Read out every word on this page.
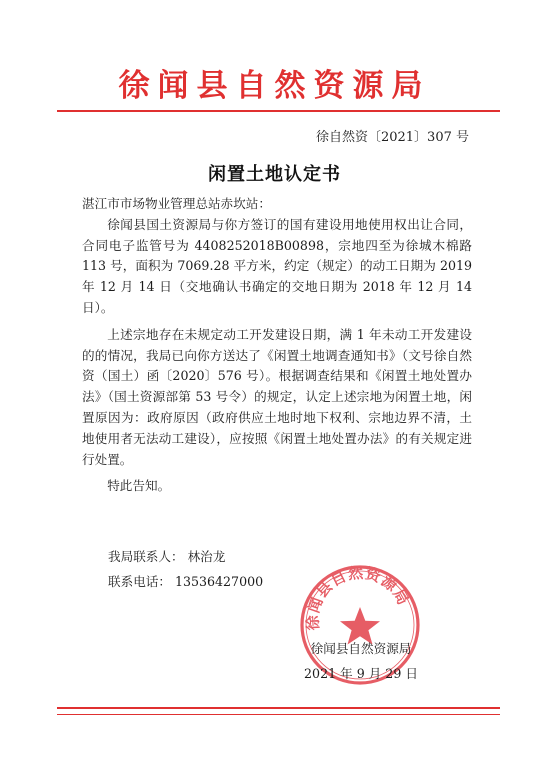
徐闻县自然资源局
徐自然资〔2021〕307 号
闲置土地认定书

湛江市市场物业管理总站赤坎站：

徐闻县国土资源局与你方签订的国有建设用地使用权出让合同，合同电子监管号为 4408252018B00898，宗地四至为徐城木棉路 113 号，面积为 7069.28 平方米，约定（规定）的动工日期为 2019 年 12 月 14 日（交地确认书确定的交地日期为 2018 年 12 月 14 日）。

上述宗地存在未规定动工开发建设日期，满 1 年未动工开发建设的的情况，我局已向你方送达了《闲置土地调查通知书》（文号徐自然资（国土）函〔2020〕576 号）。根据调查结果和《闲置土地处置办法》（国土资源部第 53 号令）的规定，认定上述宗地为闲置土地，闲置原因为：政府原因（政府供应土地时地下权利、宗地边界不清，土地使用者无法动工建设），应按照《闲置土地处置办法》的有关规定进行处置。

特此告知。

我局联系人： 林治龙
联系电话： 13536427000
徐闻县自然资源局
徐闻县自然资源局
2021 年 9 月 29 日
